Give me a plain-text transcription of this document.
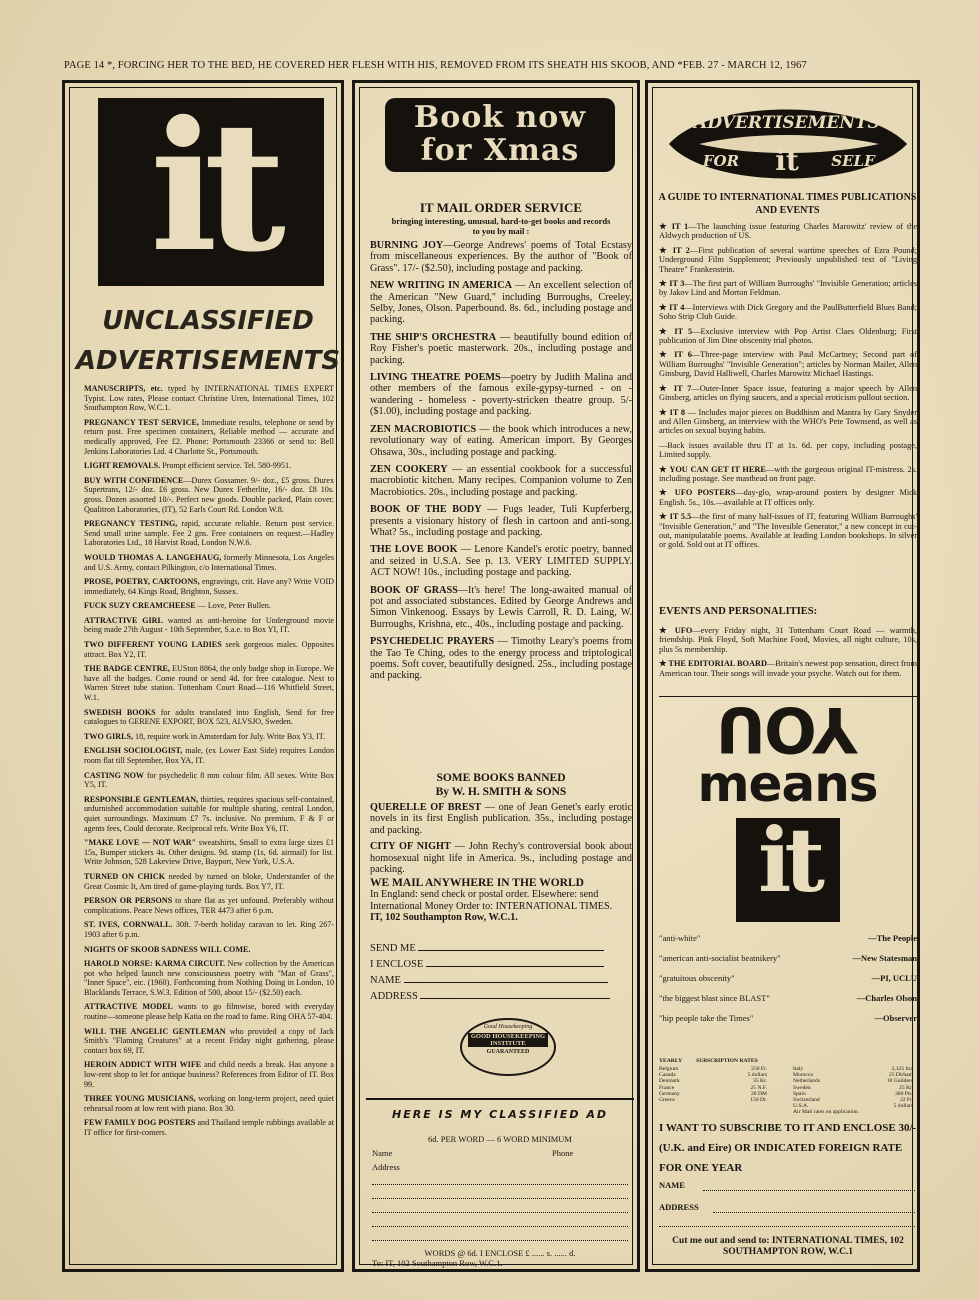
PAGE 14 *, FORCING HER TO THE BED, HE COVERED HER FLESH WITH HIS, REMOVED FROM ITS SHEATH HIS SKOOB, AND *FEB. 27 - MARCH 12, 1967
it
UNCLASSIFIED
ADVERTISEMENTS

MANUSCRIPTS, etc. typed by INTERNATIONAL TIMES EXPERT Typist. Low rates, Please contact Christine Uren, International Times, 102 Southampton Row, W.C.1.

PREGNANCY TEST SERVICE, Immediate results, telephone or send by return post. Free specimen containers, Reliable method — accurate and medically approved, Fee £2. Phone: Portsmouth 23366 or send to: Bell Jenkins Laboratories Ltd. 4 Charlotte St., Portsmouth.

LIGHT REMOVALS. Prompt efficient service. Tel. 580-9951.

BUY WITH CONFIDENCE—Durex Gossamer. 9/- doz., £5 gross. Durex Supertrans, 12/- doz. £6 gross. New Durex Fetherlite, 16/- doz. £8 10s. gross. Dozen assorted 10/-. Perfect new goods. Double packed, Plain cover. Qualitron Laboratories, (IT), 52 Earls Court Rd. London W.8.

PREGNANCY TESTING, rapid, accurate reliable. Return post service. Send small urine sample. Fee 2 gns. Free containers on request.—Hadley Laboratories Ltd., 18 Harvist Road, London N.W.6.

WOULD THOMAS A. LANGEHAUG, formerly Minnesota, Los Angeles and U.S. Army, contact Pilkington, c/o International Times.

PROSE, POETRY, CARTOONS, engravings, crit. Have any? Write VOID immediately, 64 Kings Road, Brighton, Sussex.

FUCK SUZY CREAMCHEESE — Love, Peter Bullen.

ATTRACTIVE GIRL wanted as anti-heroine for Underground movie being made 27th August - 10th September, S.a.e. to Box YI, IT.

TWO DIFFERENT YOUNG LADIES seek gorgeous males. Opposites attract. Box Y2, IT.

THE BADGE CENTRE, EUSton 8864, the only badge shop in Europe. We have all the badges. Come round or send 4d. for free catalogue. Next to Warren Street tube station. Tottenham Court Road—116 Whitfield Street, W.1.

SWEDISH BOOKS for adults translated into English, Send for free catalogues to GERENE EXPORT, BOX 523, ALVSJO, Sweden.

TWO GIRLS, 18, require work in Amsterdam for July. Write Box Y3, IT.

ENGLISH SOCIOLOGIST, male, (ex Lower East Side) requires London room flat till September, Box YA, IT.

CASTING NOW for psychedelic 8 mm colour film. All sexes. Write Box Y5, IT.

RESPONSIBLE GENTLEMAN, thirties, requires spacious self-contained, unfurnished accommodation suitable for multiple sharing, central London, quiet surroundings. Maximum £7 7s. inclusive. No premium. F & F or agents fees, Could decorate. Reciprocal refs. Write Box Y6, IT.

"MAKE LOVE — NOT WAR" sweatshirts, Small to extra large sizes £1 15s, Bumper stickers 4s. Other designs. 9d. stamp (1s, 6d. airmail) for list. Write Johnson, 528 Lakeview Drive, Bayport, New York, U.S.A.

TURNED ON CHICK needed by turned on bloke, Understander of the Great Cosmic It, Am tired of game-playing turds. Box Y7, IT.

PERSON OR PERSONS to share flat as yet unfound. Preferably without complications. Peace News offices, TER 4473 after 6 p.m.

ST. IVES, CORNWALL. 30ft. 7-berth holiday caravan to let. Ring 267-1903 after 6 p.m.

NIGHTS OF SKOOB SADNESS WILL COME.

HAROLD NORSE: KARMA CIRCUIT. New collection by the American pot who helped launch new consciousness poetry with "Man of Grass", "Inner Space", etc. (1960). Forthcoming from Nothing Doing in London, 10 Blacklands Terrace, S.W.3. Edition of 500, about 15/- ($2.50) each.

ATTRACTIVE MODEL wants to go filmwise, bored with everyday routine—someone please help Katia on the road to fame. Ring OHA 57-404.

WILL THE ANGELIC GENTLEMAN who provided a copy of Jack Smith's "Flaming Creatures" at a recent Friday night gathering, please contact box 69, IT.

HEROIN ADDICT WITH WIFE and child needs a break. Has anyone a low-rent shop to let for antique business? References from Editor of IT. Box 99.

THREE YOUNG MUSICIANS, working on long-term project, need quiet rehearsal room at low rent with piano. Box 30.

FEW FAMILY DOG POSTERS and Thailand temple rubbings available at IT office for first-comers.

Book now
for Xmas
IT MAIL ORDER SERVICE
bringing interesting, unusual, hard-to-get books and records to you by mail :

BURNING JOY—George Andrews' poems of Total Ecstasy from miscellaneous experiences. By the author of "Book of Grass". 17/- ($2.50), including postage and packing.

NEW WRITING IN AMERICA — An excellent selection of the American "New Guard," including Burroughs, Creeley, Selby, Jones, Olson. Paperbound. 8s. 6d., including postage and packing.

THE SHIP'S ORCHESTRA — beautifully bound edition of Roy Fisher's poetic masterwork. 20s., including postage and packing.

LIVING THEATRE POEMS—poetry by Judith Malina and other members of the famous exile-gypsy-turned - on - wandering - homeless - poverty-stricken theatre group. 5/- ($1.00), including postage and packing.

ZEN MACROBIOTICS — the book which introduces a new, revolutionary way of eating. American import. By Georges Ohsawa, 30s., including postage and packing.

ZEN COOKERY — an essential cookbook for a successful macrobiotic kitchen. Many recipes. Companion volume to Zen Macrobiotics. 20s., including postage and packing.

BOOK OF THE BODY — Fugs leader, Tuli Kupferberg, presents a visionary history of flesh in cartoon and anti-song. What? 5s., including postage and packing.

THE LOVE BOOK — Lenore Kandel's erotic poetry, banned and seized in U.S.A. See p. 13. VERY LIMITED SUPPLY. ACT NOW! 10s., including postage and packing.

BOOK OF GRASS—It's here! The long-awaited manual of pot and associated substances. Edited by George Andrews and Simon Vinkenoog. Essays by Lewis Carroll, R. D. Laing, W. Burroughs, Krishna, etc., 40s., including postage and packing.

PSYCHEDELIC PRAYERS — Timothy Leary's poems from the Tao Te Ching, odes to the energy process and triptological poems. Soft cover, beautifully designed. 25s., including postage and packing.

SOME BOOKS BANNED
By W. H. SMITH & SONS

QUERELLE OF BREST — one of Jean Genet's early erotic novels in its first English publication. 35s., including postage and packing.

CITY OF NIGHT — John Rechy's controversial book about homosexual night life in America. 9s., including postage and packing.

WE MAIL ANYWHERE IN THE WORLD
In England: send check or postal order. Elsewhere: send International Money Order to: INTERNATIONAL TIMES.
IT, 102 Southampton Row, W.C.1.
SEND ME
I ENCLOSE
NAME
ADDRESS
Good Housekeeping
GOOD HOUSEKEEPING INSTITUTE
GUARANTEED
HERE IS MY CLASSIFIED AD
6d. PER WORD — 6 WORD MINIMUM
Name	Phone
Address
WORDS @ 6d. I ENCLOSE £ ...... s. ...... d.
To: IT, 102 Southampton Row, W.C.1.
ADVERTISEMENTS
FOR it SELF
A GUIDE TO INTERNATIONAL TIMES PUBLICATIONS AND EVENTS

★ IT 1—The launching issue featuring Charles Marowitz' review of the Aldwych production of US.

★ IT 2—First publication of several wartime speeches of Ezra Pound; Underground Film Supplement; Previously unpublished text of "Living Theatre" Frankenstein.

★ IT 3—The first part of William Burroughs' "Invisible Generation; articles by Jakov Lind and Morton Feldman.

★ IT 4—Interviews with Dick Gregory and the PaulButterfield Blues Band; Soho Strip Club Guide.

★ IT 5—Exclusive interview with Pop Artist Claes Oldenburg; First publication of Jim Dine obscenity trial photos.

★ IT 6—Three-page interview with Paul McCartney; Second part of William Burroughs' "Invisible Generation"; articles by Norman Mailer, Allen Ginsburg, David Halliwell, Charles Marowitz Michael Hastings.

★ IT 7—Outer-Inner Space issue, featuring a major speech by Allen Ginsberg, articles on flying saucers, and a special eroticism pullout section.

★ IT 8 — Includes major pieces on Buddhism and Mantra by Gary Snyder and Allen Ginsberg, an interview with the WHO's Pete Townsend, as well as articles on sexual buying habits.

—Back issues available thru IT at 1s. 6d. per copy, including postage, Limited supply.

★ YOU CAN GET IT HERE—with the gorgeous original IT-mistress. 2s. including postage. See masthead on front page.

★ UFO POSTERS—day-glo, wrap-around posters by designer Mick English. 5s., 10s.—available at IT offices only.

★ IT 5.5—the first of many half-issues of IT, featuring William Burroughs' "Invisible Generation," and "The Invesible Generator," a new concept in cut-out, manipulatable poems. Available at leading London bookshops. In silver or gold. Sold out at IT offices.

EVENTS AND PERSONALITIES:

★ UFO—every Friday night, 31 Tottenham Court Road — warmth, friendship. Pink Floyd, Soft Machine Food, Movies, all night culture, 10s, plus 5s membership.

★ THE EDITORIAL BOARD—Britain's newest pop sensation, direct from American tour. Their songs will invade your psyche. Watch out for them.

YOU
means
it
"anti-white"	—The People
"american anti-socialist beatnikery"	—New Statesman
"gratuitous obscenity"	—PI, UCLU
"the biggest blast since BLAST"	—Charles Olson
"hip people take the Times"	—Observer
YEARLY	SUBSCRIPTION RATES
Belgium	250 Fr.
Canada	5 dollars
Denmark	35 Kr.
France	25 N.F.
Germany	20 DM
Greece	150 Dr.
Italy	3,125 lira
Morocco	25 Dirham
Netherlands	18 Guilders
Sweden	25 Kr.
Spain	300 Pts.
Switzerland	22 Fr.
U.S.A.	5 dollars
Air Mail rates on application.
I WANT TO SUBSCRIBE TO IT AND ENCLOSE 30/- (U.K. and Eire) OR INDICATED FOREIGN RATE FOR ONE YEAR
NAME
ADDRESS
Cut me out and send to: INTERNATIONAL TIMES, 102 SOUTHAMPTON ROW, W.C.1
